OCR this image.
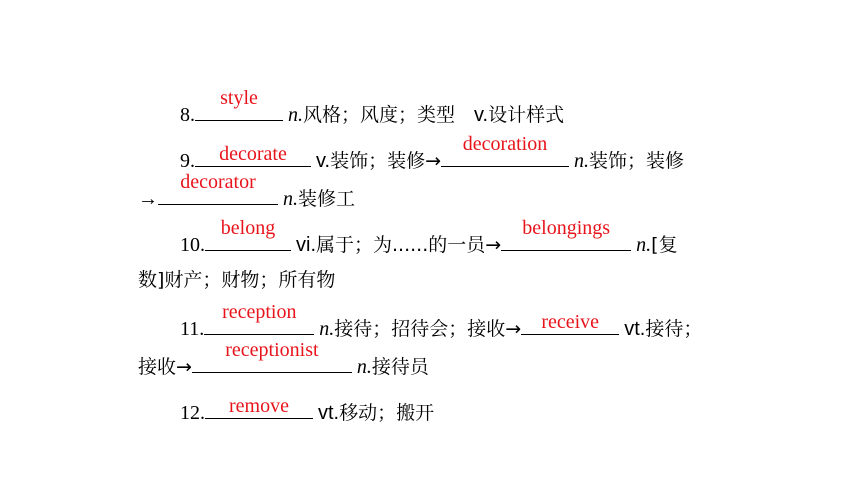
8.
style
n.风格；风度；类型 v.设计样式
9.	decorate	v.装饰；装修→
decoration
n.装饰；装修
→
decorator
n.装修工
10.
belong
vi.属于；为......的一员→
belongings
n.[复
数]财产；财物；所有物
11.
reception
n.接待；招待会；接收→	receive	vt.接待；
接收→
receptionist
n.接待员
12.	remove	vt.移动；搬开
